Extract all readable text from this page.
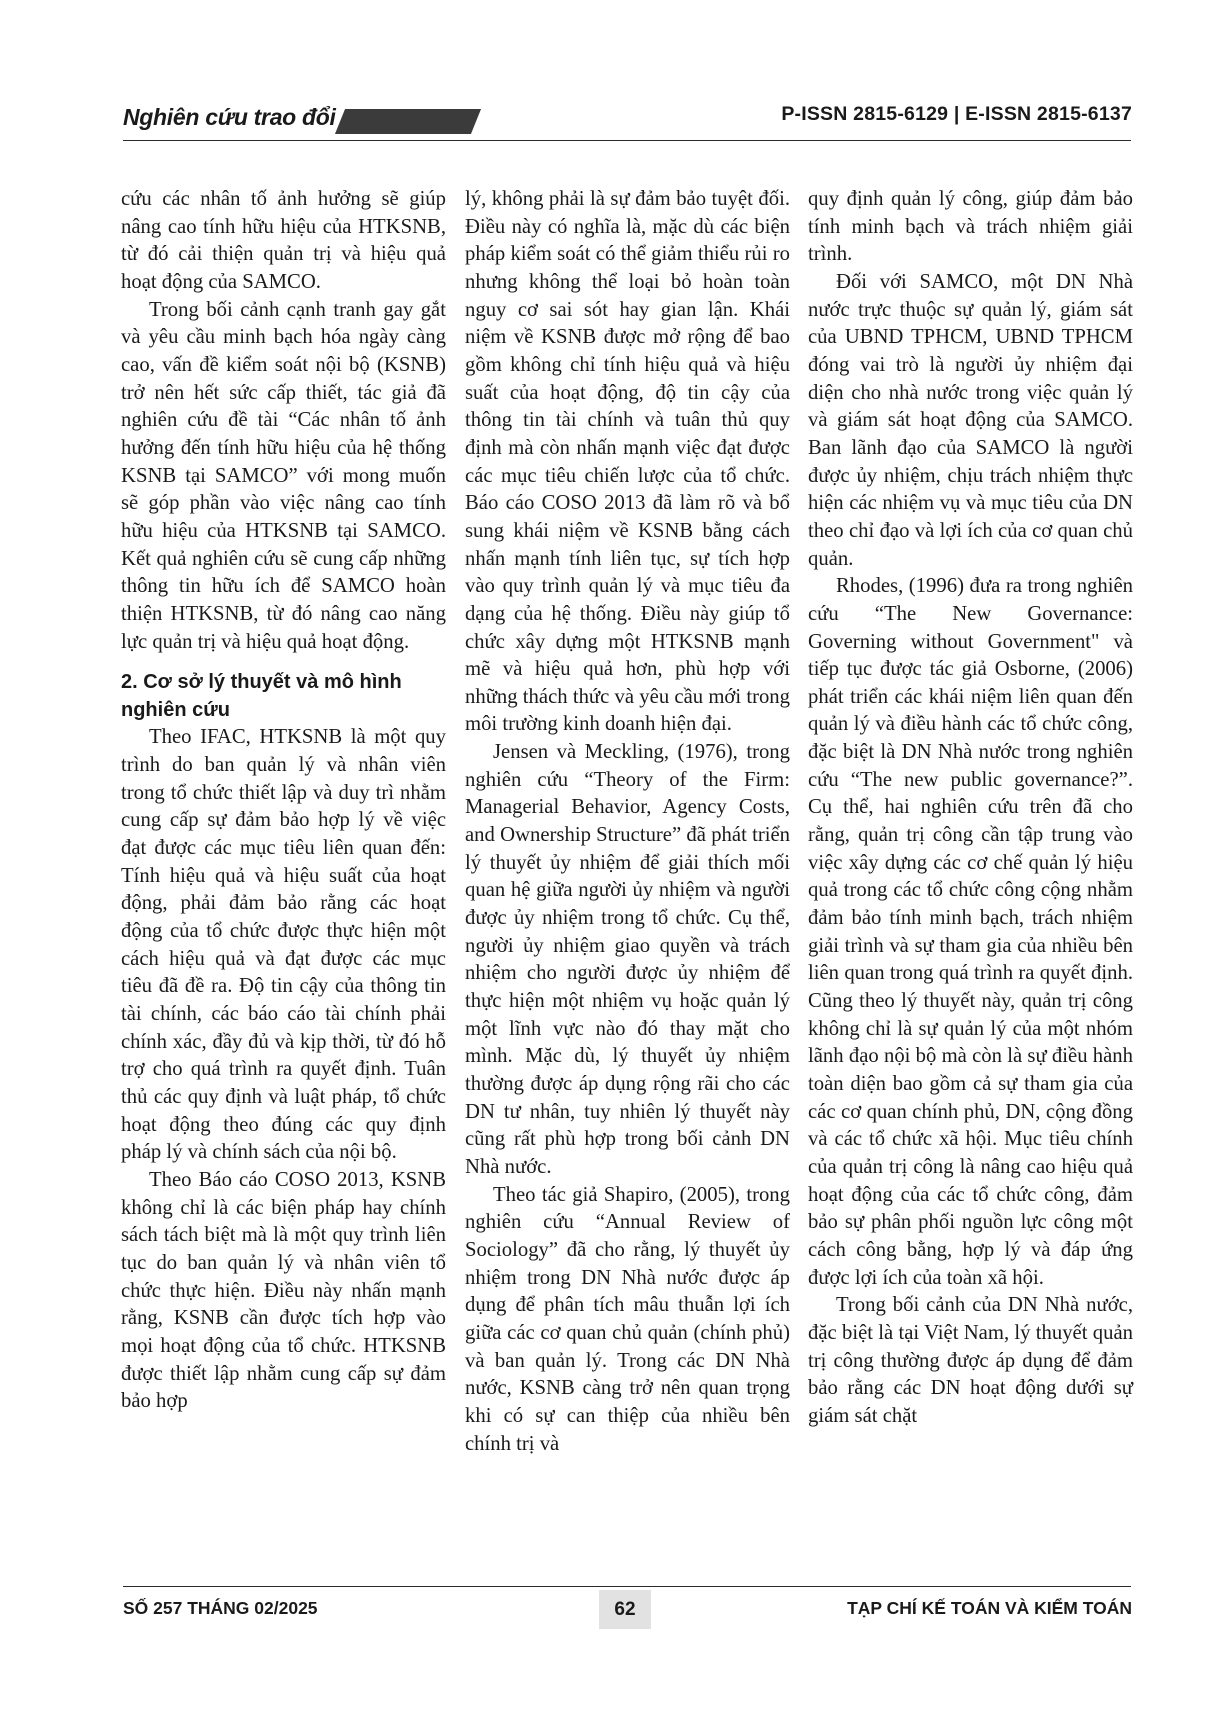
Nghiên cứu trao đổi	P-ISSN 2815-6129 | E-ISSN 2815-6137

cứu các nhân tố ảnh hưởng sẽ giúp nâng cao tính hữu hiệu của HTKSNB, từ đó cải thiện quản trị và hiệu quả hoạt động của SAMCO.

Trong bối cảnh cạnh tranh gay gắt và yêu cầu minh bạch hóa ngày càng cao, vấn đề kiểm soát nội bộ (KSNB) trở nên hết sức cấp thiết, tác giả đã nghiên cứu đề tài “Các nhân tố ảnh hưởng đến tính hữu hiệu của hệ thống KSNB tại SAMCO” với mong muốn sẽ góp phần vào việc nâng cao tính hữu hiệu của HTKSNB tại SAMCO. Kết quả nghiên cứu sẽ cung cấp những thông tin hữu ích để SAMCO hoàn thiện HTKSNB, từ đó nâng cao năng lực quản trị và hiệu quả hoạt động.

2. Cơ sở lý thuyết và mô hình nghiên cứu

Theo IFAC, HTKSNB là một quy trình do ban quản lý và nhân viên trong tổ chức thiết lập và duy trì nhằm cung cấp sự đảm bảo hợp lý về việc đạt được các mục tiêu liên quan đến: Tính hiệu quả và hiệu suất của hoạt động, phải đảm bảo rằng các hoạt động của tổ chức được thực hiện một cách hiệu quả và đạt được các mục tiêu đã đề ra. Độ tin cậy của thông tin tài chính, các báo cáo tài chính phải chính xác, đầy đủ và kịp thời, từ đó hỗ trợ cho quá trình ra quyết định. Tuân thủ các quy định và luật pháp, tổ chức hoạt động theo đúng các quy định pháp lý và chính sách của nội bộ.

Theo Báo cáo COSO 2013, KSNB không chỉ là các biện pháp hay chính sách tách biệt mà là một quy trình liên tục do ban quản lý và nhân viên tổ chức thực hiện. Điều này nhấn mạnh rằng, KSNB cần được tích hợp vào mọi hoạt động của tổ chức. HTKSNB được thiết lập nhằm cung cấp sự đảm bảo hợp

lý, không phải là sự đảm bảo tuyệt đối. Điều này có nghĩa là, mặc dù các biện pháp kiểm soát có thể giảm thiểu rủi ro nhưng không thể loại bỏ hoàn toàn nguy cơ sai sót hay gian lận. Khái niệm về KSNB được mở rộng để bao gồm không chỉ tính hiệu quả và hiệu suất của hoạt động, độ tin cậy của thông tin tài chính và tuân thủ quy định mà còn nhấn mạnh việc đạt được các mục tiêu chiến lược của tổ chức. Báo cáo COSO 2013 đã làm rõ và bổ sung khái niệm về KSNB bằng cách nhấn mạnh tính liên tục, sự tích hợp vào quy trình quản lý và mục tiêu đa dạng của hệ thống. Điều này giúp tổ chức xây dựng một HTKSNB mạnh mẽ và hiệu quả hơn, phù hợp với những thách thức và yêu cầu mới trong môi trường kinh doanh hiện đại.

Jensen và Meckling, (1976), trong nghiên cứu “Theory of the Firm: Managerial Behavior, Agency Costs, and Ownership Structure” đã phát triển lý thuyết ủy nhiệm để giải thích mối quan hệ giữa người ủy nhiệm và người được ủy nhiệm trong tổ chức. Cụ thể, người ủy nhiệm giao quyền và trách nhiệm cho người được ủy nhiệm để thực hiện một nhiệm vụ hoặc quản lý một lĩnh vực nào đó thay mặt cho mình. Mặc dù, lý thuyết ủy nhiệm thường được áp dụng rộng rãi cho các DN tư nhân, tuy nhiên lý thuyết này cũng rất phù hợp trong bối cảnh DN Nhà nước.

Theo tác giả Shapiro, (2005), trong nghiên cứu “Annual Review of Sociology” đã cho rằng, lý thuyết ủy nhiệm trong DN Nhà nước được áp dụng để phân tích mâu thuẫn lợi ích giữa các cơ quan chủ quản (chính phủ) và ban quản lý. Trong các DN Nhà nước, KSNB càng trở nên quan trọng khi có sự can thiệp của nhiều bên chính trị và

quy định quản lý công, giúp đảm bảo tính minh bạch và trách nhiệm giải trình.

Đối với SAMCO, một DN Nhà nước trực thuộc sự quản lý, giám sát của UBND TPHCM, UBND TPHCM đóng vai trò là người ủy nhiệm đại diện cho nhà nước trong việc quản lý và giám sát hoạt động của SAMCO. Ban lãnh đạo của SAMCO là người được ủy nhiệm, chịu trách nhiệm thực hiện các nhiệm vụ và mục tiêu của DN theo chỉ đạo và lợi ích của cơ quan chủ quản.

Rhodes, (1996) đưa ra trong nghiên cứu “The New Governance: Governing without Government" và tiếp tục được tác giả Osborne, (2006) phát triển các khái niệm liên quan đến quản lý và điều hành các tổ chức công, đặc biệt là DN Nhà nước trong nghiên cứu “The new public governance?”. Cụ thể, hai nghiên cứu trên đã cho rằng, quản trị công cần tập trung vào việc xây dựng các cơ chế quản lý hiệu quả trong các tổ chức công cộng nhằm đảm bảo tính minh bạch, trách nhiệm giải trình và sự tham gia của nhiều bên liên quan trong quá trình ra quyết định. Cũng theo lý thuyết này, quản trị công không chỉ là sự quản lý của một nhóm lãnh đạo nội bộ mà còn là sự điều hành toàn diện bao gồm cả sự tham gia của các cơ quan chính phủ, DN, cộng đồng và các tổ chức xã hội. Mục tiêu chính của quản trị công là nâng cao hiệu quả hoạt động của các tổ chức công, đảm bảo sự phân phối nguồn lực công một cách công bằng, hợp lý và đáp ứng được lợi ích của toàn xã hội.

Trong bối cảnh của DN Nhà nước, đặc biệt là tại Việt Nam, lý thuyết quản trị công thường được áp dụng để đảm bảo rằng các DN hoạt động dưới sự giám sát chặt

SỐ 257 THÁNG 02/2025	62	TẠP CHÍ KẾ TOÁN VÀ KIỂM TOÁN
